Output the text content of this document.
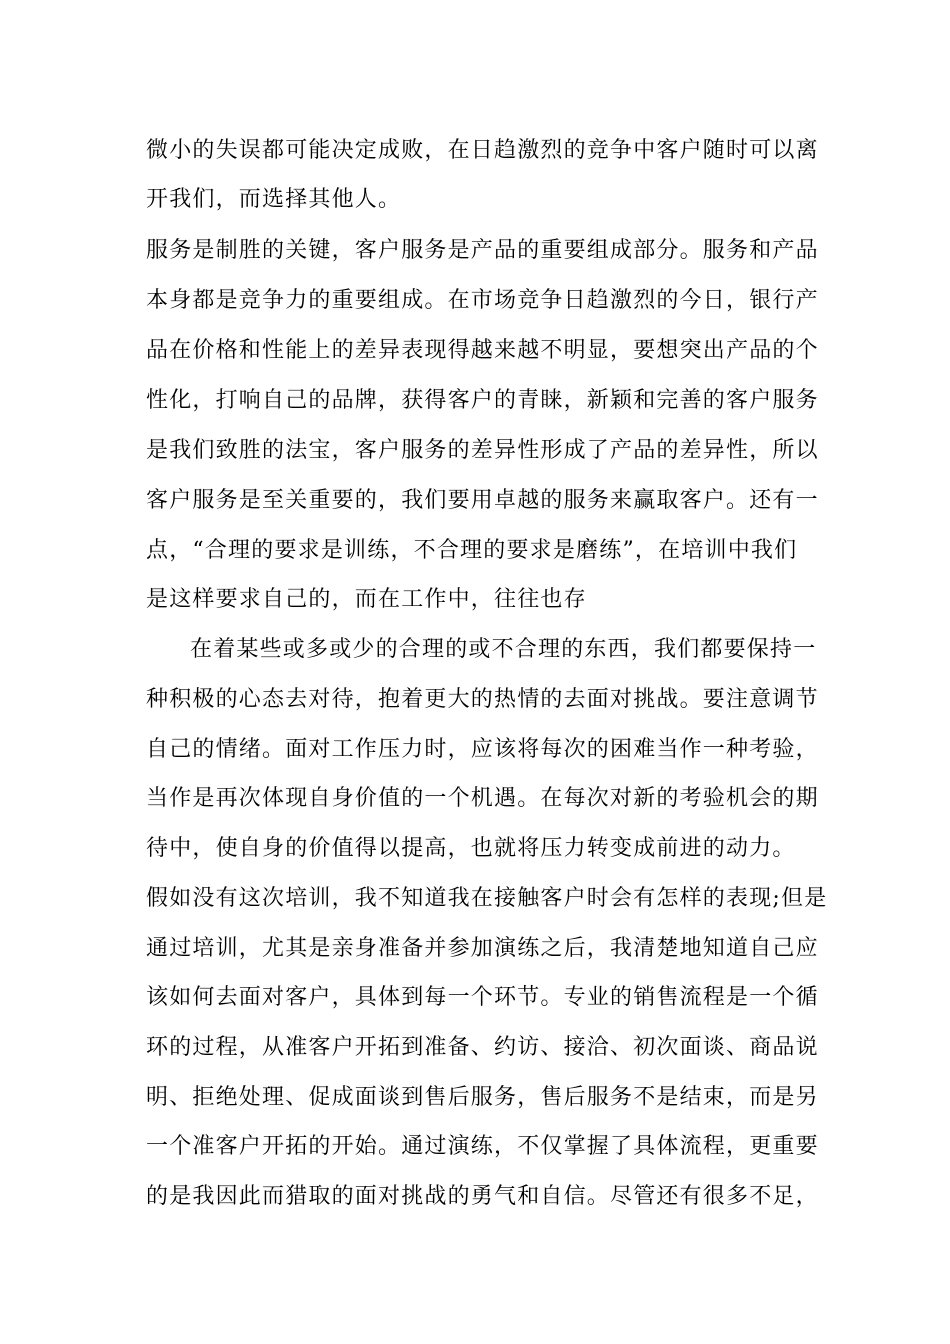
微小的失误都可能决定成败，在日趋激烈的竞争中客户随时可以离
开我们，而选择其他人。
服务是制胜的关键，客户服务是产品的重要组成部分。服务和产品
本身都是竞争力的重要组成。在市场竞争日趋激烈的今日，银行产
品在价格和性能上的差异表现得越来越不明显，要想突出产品的个
性化，打响自己的品牌，获得客户的青睐，新颖和完善的客户服务
是我们致胜的法宝，客户服务的差异性形成了产品的差异性，所以
客户服务是至关重要的，我们要用卓越的服务来赢取客户。还有一
点，“合理的要求是训练，不合理的要求是磨练”，在培训中我们
是这样要求自己的，而在工作中，往往也存
在着某些或多或少的合理的或不合理的东西，我们都要保持一
种积极的心态去对待，抱着更大的热情的去面对挑战。要注意调节
自己的情绪。面对工作压力时，应该将每次的困难当作一种考验，
当作是再次体现自身价值的一个机遇。在每次对新的考验机会的期
待中，使自身的价值得以提高，也就将压力转变成前进的动力。
假如没有这次培训，我不知道我在接触客户时会有怎样的表现;但是
通过培训，尤其是亲身准备并参加演练之后，我清楚地知道自己应
该如何去面对客户，具体到每一个环节。专业的销售流程是一个循
环的过程，从准客户开拓到准备、约访、接洽、初次面谈、商品说
明、拒绝处理、促成面谈到售后服务，售后服务不是结束，而是另
一个准客户开拓的开始。通过演练，不仅掌握了具体流程，更重要
的是我因此而猎取的面对挑战的勇气和自信。尽管还有很多不足，
